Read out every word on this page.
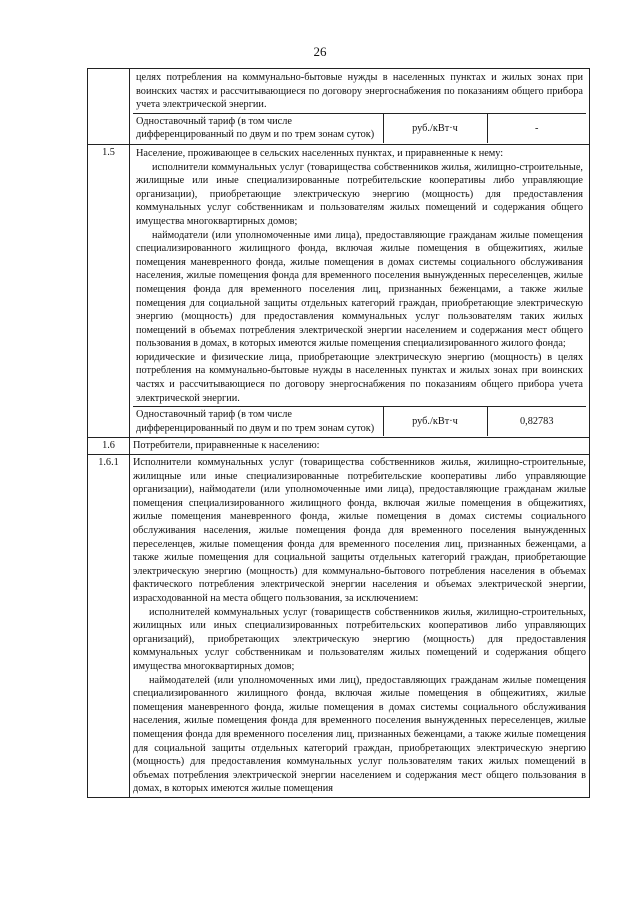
26

целях потребления на коммунально-бытовые нужды в населенных пунктах и жилых зонах при воинских частях и рассчитывающиеся по договору энергоснабжения по показаниям общего прибора учета электрической энергии.

Одноставочный тариф (в том числе дифференцированный по двум и по трем зонам суток)	руб./кВт·ч	-

1.5	Население, проживающее в сельских населенных пунктах, и приравненные к нему:

исполнители коммунальных услуг (товарищества собственников жилья, жилищно-строительные, жилищные или иные специализированные потребительские кооперативы либо управляющие организации), приобретающие электрическую энергию (мощность) для предоставления коммунальных услуг собственникам и пользователям жилых помещений и содержания общего имущества многоквартирных домов;

наймодатели (или уполномоченные ими лица), предоставляющие гражданам жилые помещения специализированного жилищного фонда, включая жилые помещения в общежитиях, жилые помещения маневренного фонда, жилые помещения в домах системы социального обслуживания населения, жилые помещения фонда для временного поселения вынужденных переселенцев, жилые помещения фонда для временного поселения лиц, признанных беженцами, а также жилые помещения для социальной защиты отдельных категорий граждан, приобретающие электрическую энергию (мощность) для предоставления коммунальных услуг пользователям таких жилых помещений в объемах потребления электрической энергии населением и содержания мест общего пользования в домах, в которых имеются жилые помещения специализированного жилого фонда;

юридические и физические лица, приобретающие электрическую энергию (мощность) в целях потребления на коммунально-бытовые нужды в населенных пунктах и жилых зонах при воинских частях и рассчитывающиеся по договору энергоснабжения по показаниям общего прибора учета электрической энергии.

Одноставочный тариф (в том числе дифференцированный по двум и по трем зонам суток)	руб./кВт·ч	0,82783

1.6	Потребители, приравненные к населению:
1.6.1	Исполнители коммунальных услуг (товарищества собственников жилья, жилищно-строительные, жилищные или иные специализированные потребительские кооперативы либо управляющие организации), наймодатели (или уполномоченные ими лица), предоставляющие гражданам жилые помещения специализированного жилищного фонда, включая жилые помещения в общежитиях, жилые помещения маневренного фонда, жилые помещения в домах системы социального обслуживания населения, жилые помещения фонда для временного поселения вынужденных переселенцев, жилые помещения фонда для временного поселения лиц, признанных беженцами, а также жилые помещения для социальной защиты отдельных категорий граждан, приобретающие электрическую энергию (мощность) для коммунально-бытового потребления населения в объемах фактического потребления электрической энергии населения и объемах электрической энергии, израсходованной на места общего пользования, за исключением:

исполнителей коммунальных услуг (товариществ собственников жилья, жилищно-строительных, жилищных или иных специализированных потребительских кооперативов либо управляющих организаций), приобретающих электрическую энергию (мощность) для предоставления коммунальных услуг собственникам и пользователям жилых помещений и содержания общего имущества многоквартирных домов;

наймодателей (или уполномоченных ими лиц), предоставляющих гражданам жилые помещения специализированного жилищного фонда, включая жилые помещения в общежитиях, жилые помещения маневренного фонда, жилые помещения в домах системы социального обслуживания населения, жилые помещения фонда для временного поселения вынужденных переселенцев, жилые помещения фонда для временного поселения лиц, признанных беженцами, а также жилые помещения для социальной защиты отдельных категорий граждан, приобретающих электрическую энергию (мощность) для предоставления коммунальных услуг пользователям таких жилых помещений в объемах потребления электрической энергии населением и содержания мест общего пользования в домах, в которых имеются жилые помещения
